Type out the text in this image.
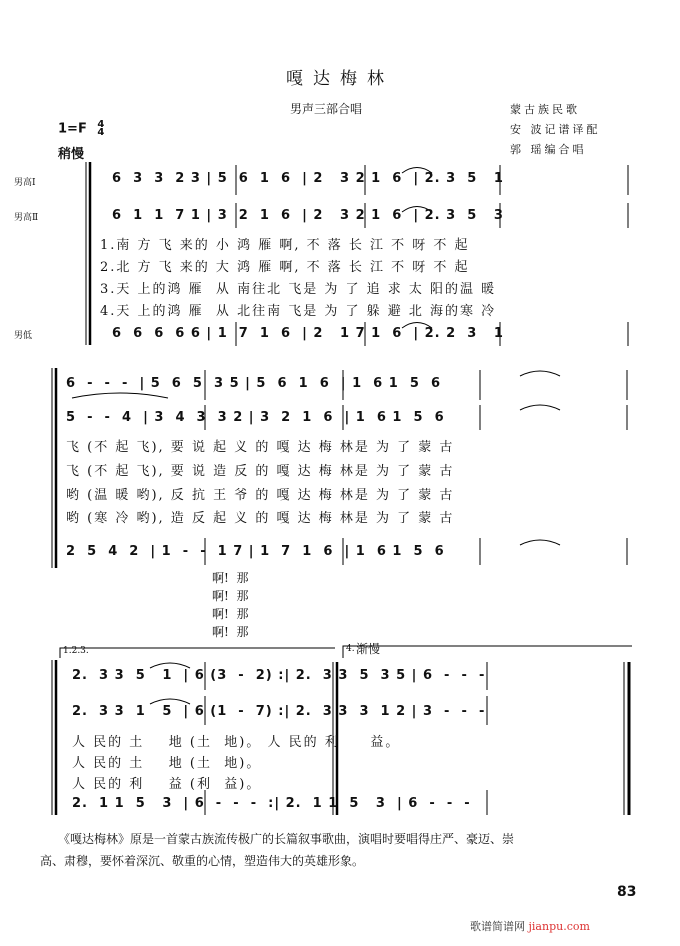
嘎达梅林
男声三部合唱	蒙古族民歌
安 波记谱译配
郭 瑶编合唱
1=F 4
4
稍慢
男高Ⅰ
男高Ⅱ
男低
6  3  3  2 3 | 5  6  1  6  | 2   3 2 1  6  | 2. 3  5   1
6  1  1  7 1 | 3  2  1  6  | 2   3 2 1  6  | 2. 3  5   3
1.南 方 飞 来的 小 鸿 雁 啊, 不 落 长 江 不 呀 不 起
2.北 方 飞 来的 大 鸿 雁 啊, 不 落 长 江 不 呀 不 起
3.天 上的鸿 雁  从 南往北 飞是 为 了 追 求 太 阳的温 暖
4.天 上的鸿 雁  从 北往南 飞是 为 了 躲 避 北 海的寒 冷
6  6  6  6 6 | 1  7  1  6  | 2   1 7 1  6  | 2. 2  3   1
6  -  -  -  | 5  6  5  3 5 | 5  6  1  6  | 1  6 1  5  6
5  -  -  4  | 3  4  3  3 2 | 3  2  1  6  | 1  6 1  5  6
飞 (不 起 飞), 要 说 起 义 的 嘎 达 梅 林是 为 了 蒙 古
飞 (不 起 飞), 要 说 造 反 的 嘎 达 梅 林是 为 了 蒙 古
哟 (温 暖 哟), 反 抗 王 爷 的 嘎 达 梅 林是 为 了 蒙 古
哟 (寒 冷 哟), 造 反 起 义 的 嘎 达 梅 林是 为 了 蒙 古
2  5  4  2  | 1  -  -  1 7 | 1  7  1  6  | 1  6 1  5  6
啊!  那
啊!  那
啊!  那
啊!  那
1.2.3.	4. 渐慢
2.  3 3  5   1  | 6 (3  -  2) :| 2.  3 3  5  3 5 | 6  -  -  -
2.  3 3  1   5  | 6 (1  -  7) :| 2.  3 3  3  1 2 | 3  -  -  -
人 民的 土    地 (土  地)。 人 民的 利     益。
人 民的 土    地 (土  地)。
人 民的 利    益 (利  益)。
2.  1 1  5   3  | 6  -  -  -  :| 2.  1 1  5   3  | 6  -  -  -
《嘎达梅林》原是一首蒙古族流传极广的长篇叙事歌曲，演唱时要唱得庄严、豪迈、崇
高、肃穆，要怀着深沉、敬重的心情，塑造伟大的英雄形象。
83
歌谱简谱网 jianpu.com
